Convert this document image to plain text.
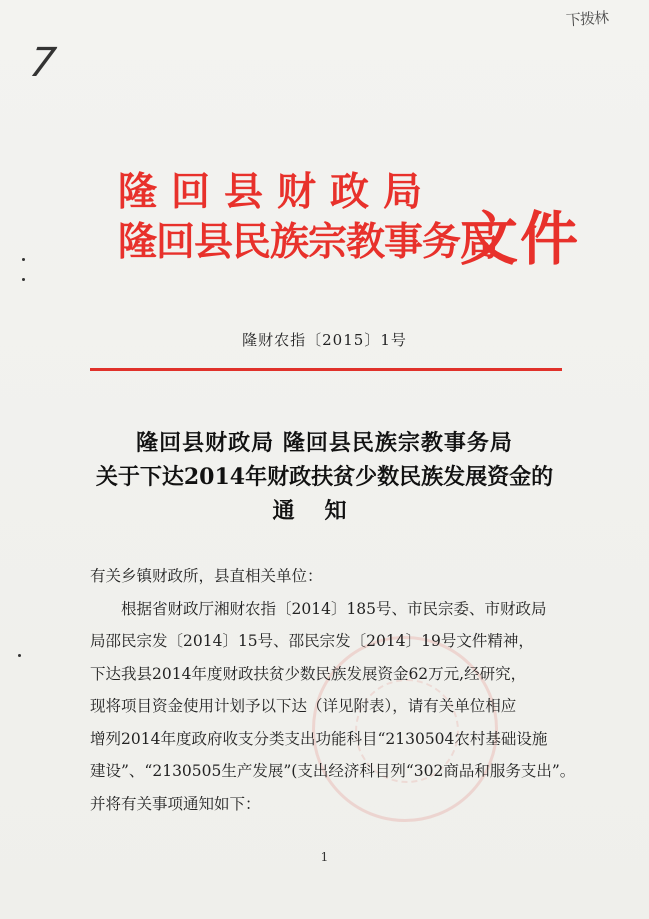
下拨林
7
隆回县财政局
隆回县民族宗教事务局
文件
隆财农指〔2015〕1号
隆回县财政局 隆回县民族宗教事务局
关于下达2014年财政扶贫少数民族发展资金的
通知

有关乡镇财政所，县直相关单位：

根据省财政厅湘财农指〔2014〕185号、市民宗委、市财政局

局邵民宗发〔2014〕15号、邵民宗发〔2014〕19号文件精神，

下达我县2014年度财政扶贫少数民族发展资金62万元,经研究，

现将项目资金使用计划予以下达（详见附表），请有关单位相应

增列2014年度政府收支分类支出功能科目“2130504农村基础设施

建设”、“2130505生产发展”(支出经济科目列“302商品和服务支出”。

并将有关事项通知如下：

1
